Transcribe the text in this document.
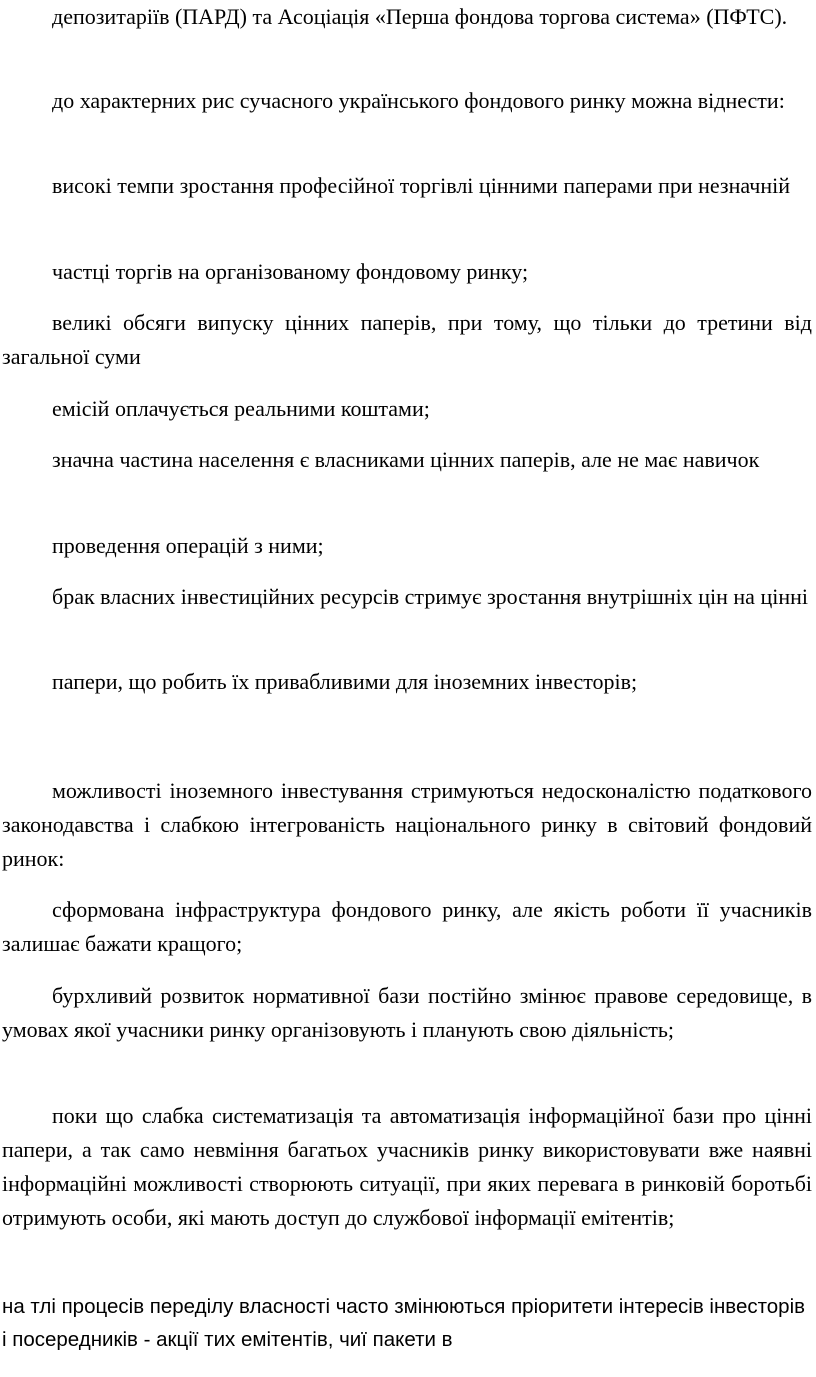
депозитаріїв (ПАРД) та Асоціація «Перша фондова торгова система» (ПФТС).

до характерних рис сучасного українського фондового ринку можна віднести:

високі темпи зростання професійної торгівлі цінними паперами при незначній

частці торгів на організованому фондовому ринку;

великі обсяги випуску цінних паперів, при тому, що тільки до третини від загальної суми

емісій оплачується реальними коштами;

значна частина населення є власниками цінних паперів, але не має навичок

проведення операцій з ними;

брак власних інвестиційних ресурсів стримує зростання внутрішніх цін на цінні

папери, що робить їх привабливими для іноземних інвесторів;

можливості іноземного інвестування стримуються недосконалістю податкового законодавства і слабкою інтегрованість національного ринку в світовий фондовий ринок:

сформована інфраструктура фондового ринку, але якість роботи її учасників залишає бажати кращого;

бурхливий розвиток нормативної бази постійно змінює правове середовище, в умовах якої учасники ринку організовують і планують свою діяльність;

поки що слабка систематизація та автоматизація інформаційної бази про цінні папери, а так само невміння багатьох учасників ринку використовувати вже наявні інформаційні можливості створюють ситуації, при яких перевага в ринковій боротьбі отримують особи, які мають доступ до службової інформації емітентів;

на тлі процесів переділу власності часто змінюються пріоритети інтересів інвесторів і посередників - акції тих емітентів, чиї пакети в
